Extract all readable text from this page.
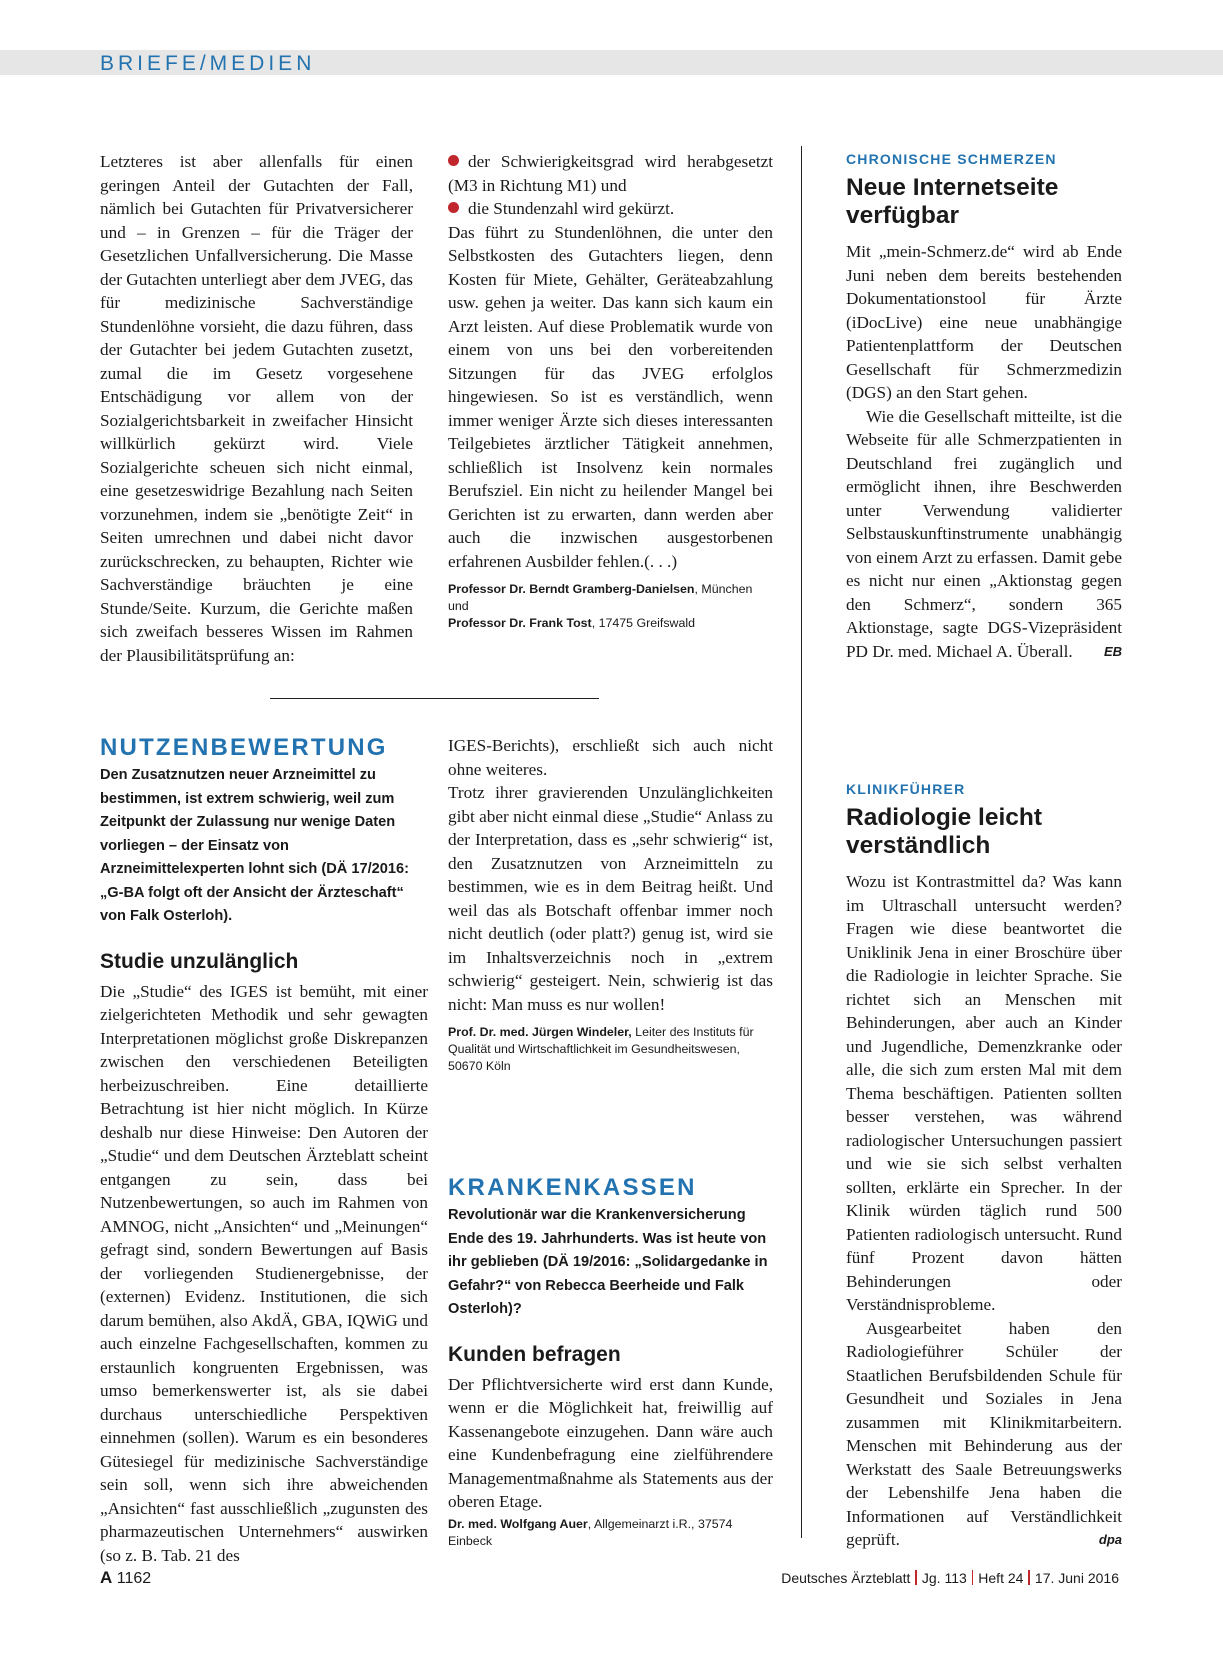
BRIEFE/MEDIEN

Letzteres ist aber allenfalls für einen geringen Anteil der Gutachten der Fall, nämlich bei Gutachten für Privatversicherer und – in Grenzen – für die Träger der Gesetzlichen Unfallversicherung. Die Masse der Gutachten unterliegt aber dem JVEG, das für medizinische Sachverständige Stundenlöhne vorsieht, die dazu führen, dass der Gutachter bei jedem Gutachten zusetzt, zumal die im Gesetz vorgesehene Entschädigung vor allem von der Sozialgerichtsbarkeit in zweifacher Hinsicht willkürlich gekürzt wird. Viele Sozialgerichte scheuen sich nicht einmal, eine gesetzeswidrige Bezahlung nach Seiten vorzunehmen, indem sie „benötigte Zeit“ in Seiten umrechnen und dabei nicht davor zurückschrecken, zu behaupten, Richter wie Sachverständige bräuchten je eine Stunde/Seite. Kurzum, die Gerichte maßen sich zweifach besseres Wissen im Rahmen der Plausibilitätsprüfung an:

der Schwierigkeitsgrad wird herabgesetzt (M3 in Richtung M1) und

die Stundenzahl wird gekürzt.

Das führt zu Stundenlöhnen, die unter den Selbstkosten des Gutachters liegen, denn Kosten für Miete, Gehälter, Geräteabzahlung usw. gehen ja weiter. Das kann sich kaum ein Arzt leisten. Auf diese Problematik wurde von einem von uns bei den vorbereitenden Sitzungen für das JVEG erfolglos hingewiesen. So ist es verständlich, wenn immer weniger Ärzte sich dieses interessanten Teilgebietes ärztlicher Tätigkeit annehmen, schließlich ist Insolvenz kein normales Berufsziel. Ein nicht zu heilender Mangel bei Gerichten ist zu erwarten, dann werden aber auch die inzwischen ausgestorbenen erfahrenen Ausbilder fehlen.(. . .)

Professor Dr. Berndt Gramberg-Danielsen, München und
Professor Dr. Frank Tost, 17475 Greifswald
NUTZENBEWERTUNG
Den Zusatznutzen neuer Arzneimittel zu bestimmen, ist extrem schwierig, weil zum Zeitpunkt der Zulassung nur wenige Daten vorliegen – der Einsatz von Arzneimittelexperten lohnt sich (DÄ 17/2016: „G-BA folgt oft der Ansicht der Ärzteschaft“ von Falk Osterloh).
Studie unzulänglich

Die „Studie“ des IGES ist bemüht, mit einer zielgerichteten Methodik und sehr gewagten Interpretationen möglichst große Diskrepanzen zwischen den verschiedenen Beteiligten herbeizuschreiben. Eine detaillierte Betrachtung ist hier nicht möglich. In Kürze deshalb nur diese Hinweise: Den Autoren der „Studie“ und dem Deutschen Ärzteblatt scheint entgangen zu sein, dass bei Nutzenbewertungen, so auch im Rahmen von AMNOG, nicht „Ansichten“ und „Meinungen“ gefragt sind, sondern Bewertungen auf Basis der vorliegenden Studienergebnisse, der (externen) Evidenz. Institutionen, die sich darum bemühen, also AkdÄ, GBA, IQWiG und auch einzelne Fachgesellschaften, kommen zu erstaunlich kongruenten Ergebnissen, was umso bemerkenswerter ist, als sie dabei durchaus unterschiedliche Perspektiven einnehmen (sollen). Warum es ein besonderes Gütesiegel für medizinische Sachverständige sein soll, wenn sich ihre abweichenden „Ansichten“ fast ausschließlich „zugunsten des pharmazeutischen Unternehmers“ auswirken (so z. B. Tab. 21 des

IGES-Berichts), erschließt sich auch nicht ohne weiteres.

Trotz ihrer gravierenden Unzulänglichkeiten gibt aber nicht einmal diese „Studie“ Anlass zu der Interpretation, dass es „sehr schwierig“ ist, den Zusatznutzen von Arzneimitteln zu bestimmen, wie es in dem Beitrag heißt. Und weil das als Botschaft offenbar immer noch nicht deutlich (oder platt?) genug ist, wird sie im Inhaltsverzeichnis noch in „extrem schwierig“ gesteigert. Nein, schwierig ist das nicht: Man muss es nur wollen!

Prof. Dr. med. Jürgen Windeler, Leiter des Instituts für Qualität und Wirtschaftlichkeit im Gesundheitswesen, 50670 Köln
KRANKENKASSEN
Revolutionär war die Krankenversicherung Ende des 19. Jahrhunderts. Was ist heute von ihr geblieben (DÄ 19/2016: „Solidargedanke in Gefahr?“ von Rebecca Beerheide und Falk Osterloh)?
Kunden befragen

Der Pflichtversicherte wird erst dann Kunde, wenn er die Möglichkeit hat, freiwillig auf Kassenangebote einzugehen. Dann wäre auch eine Kundenbefragung eine zielführendere Managementmaßnahme als Statements aus der oberen Etage.

Dr. med. Wolfgang Auer, Allgemeinarzt i.R., 37574 Einbeck
CHRONISCHE SCHMERZEN
Neue Internetseite verfügbar

Mit „mein-Schmerz.de“ wird ab Ende Juni neben dem bereits bestehenden Dokumentationstool für Ärzte (iDocLive) eine neue unabhängige Patientenplattform der Deutschen Gesellschaft für Schmerzmedizin (DGS) an den Start gehen.

Wie die Gesellschaft mitteilte, ist die Webseite für alle Schmerzpatienten in Deutschland frei zugänglich und ermöglicht ihnen, ihre Beschwerden unter Verwendung validierter Selbstauskunftinstrumente unabhängig von einem Arzt zu erfassen. Damit gebe es nicht nur einen „Aktionstag gegen den Schmerz“, sondern 365 Aktionstage, sagte DGS-Vizepräsident PD Dr. med. Michael A. Überall.	EB

KLINIKFÜHRER
Radiologie leicht verständlich

Wozu ist Kontrastmittel da? Was kann im Ultraschall untersucht werden? Fragen wie diese beantwortet die Uniklinik Jena in einer Broschüre über die Radiologie in leichter Sprache. Sie richtet sich an Menschen mit Behinderungen, aber auch an Kinder und Jugendliche, Demenzkranke oder alle, die sich zum ersten Mal mit dem Thema beschäftigen. Patienten sollten besser verstehen, was während radiologischer Untersuchungen passiert und wie sie sich selbst verhalten sollten, erklärte ein Sprecher. In der Klinik würden täglich rund 500 Patienten radiologisch untersucht. Rund fünf Prozent davon hätten Behinderungen oder Verständnisprobleme.

Ausgearbeitet haben den Radiologieführer Schüler der Staatlichen Berufsbildenden Schule für Gesundheit und Soziales in Jena zusammen mit Klinikmitarbeitern. Menschen mit Behinderung aus der Werkstatt des Saale Betreuungswerks der Lebenshilfe Jena haben die Informationen auf Verständlichkeit geprüft.	dpa

A 1162	Deutsches Ärzteblatt Jg. 113 Heft 24 17. Juni 2016
